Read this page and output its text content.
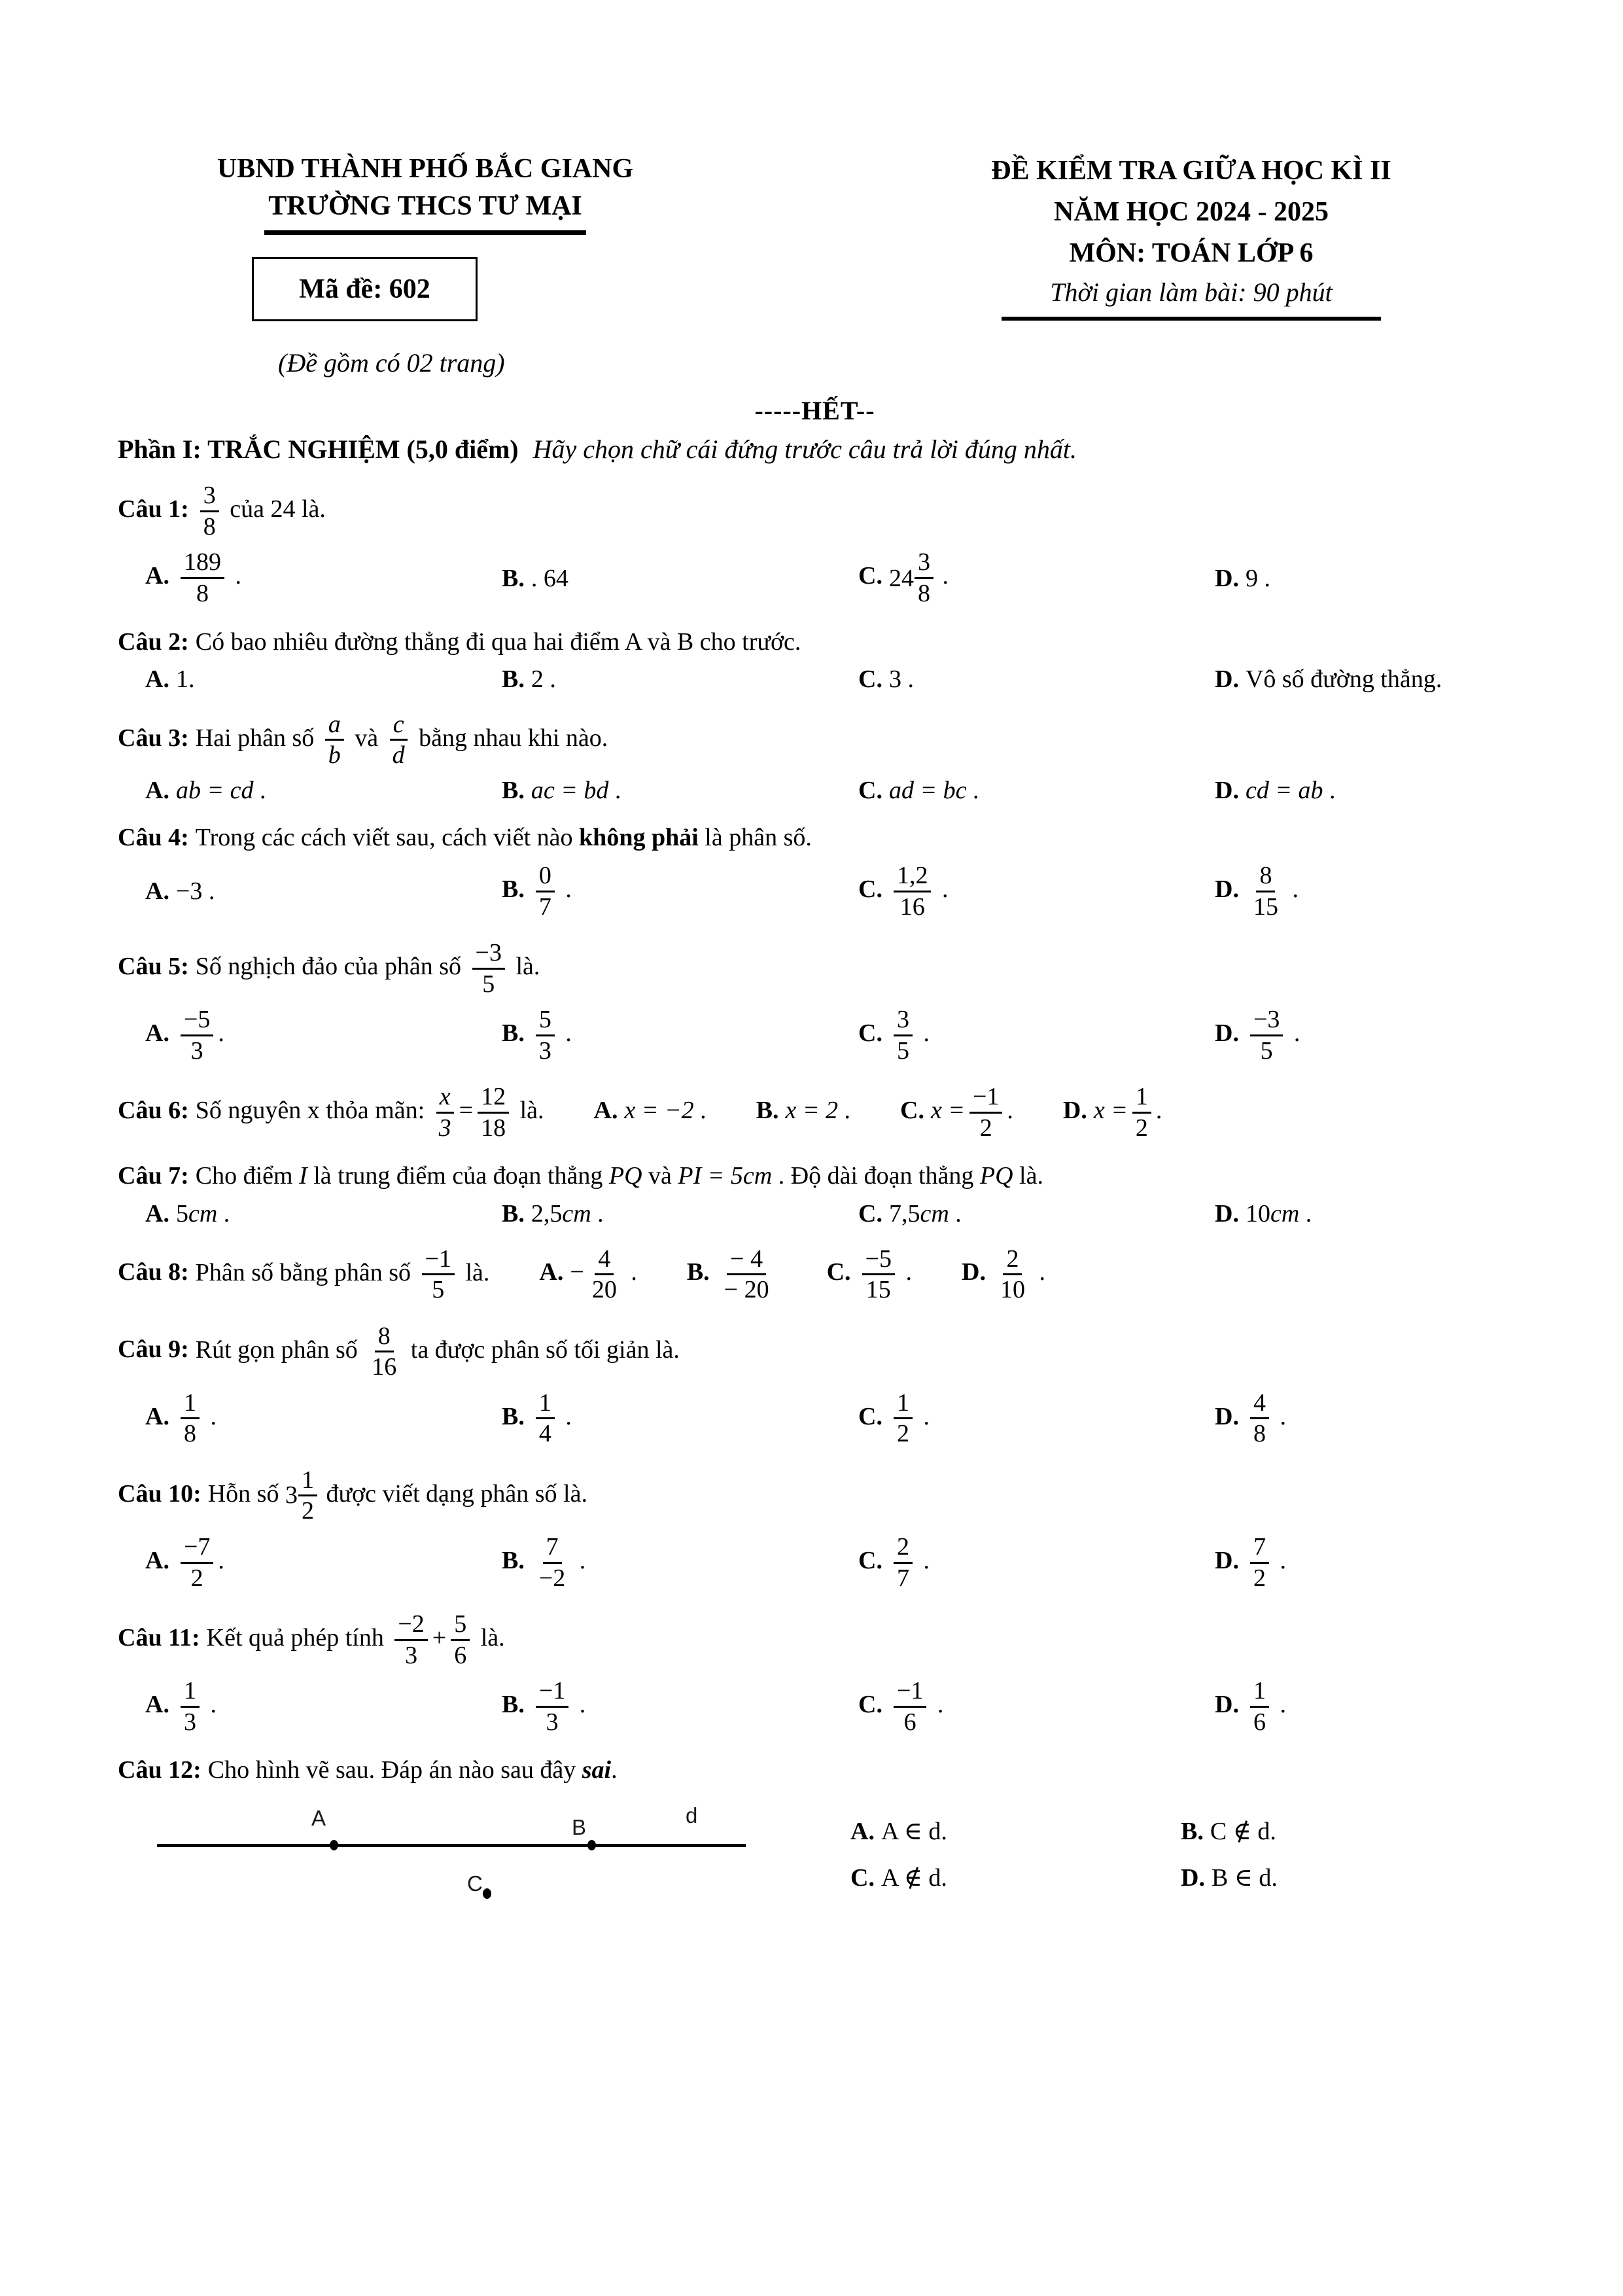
UBND THÀNH PHỐ BẮC GIANG
TRƯỜNG THCS TƯ MẠI
Mã đề: 602
(Đề gồm có 02 trang)
ĐỀ KIỂM TRA GIỮA HỌC KÌ II
NĂM HỌC 2024 - 2025
MÔN: TOÁN LỚP 6
Thời gian làm bài: 90 phút
-----HẾT--
Phần I: TRẮC NGHIỆM (5,0 điểm) Hãy chọn chữ cái đứng trước câu trả lời đúng nhất.
Câu 1: $\frac{3}{8}$ của 24 là.
A. $\frac{189}{8}$ .	B. . 64	C. $24 \frac{3}{8}$ .	D. 9 .
Câu 2: Có bao nhiêu đường thẳng đi qua hai điểm A và B cho trước.
A. 1.	B. 2 .	C. 3 .	D. Vô số đường thẳng.
Câu 3: Hai phân số $\frac{a}{b}$ và $\frac{c}{d}$ bằng nhau khi nào.
A. ab = cd .	B. ac = bd .	C. ad = bc .	D. cd = ab .
Câu 4: Trong các cách viết sau, cách viết nào không phải là phân số.
A. −3 .	B. $\frac{0}{7}$ .	C. $\frac{1,2}{16}$ .	D. $\frac{8}{15}$ .
Câu 5: Số nghịch đảo của phân số $\frac{-3}{5}$ là.
A. $\frac{-5}{3}$ .	B. $\frac{5}{3}$ .	C. $\frac{3}{5}$ .	D. $\frac{-3}{5}$ .
Câu 6: Số nguyên x thỏa mãn: $\frac{x}{3} = \frac{12}{18}$ là. A. x = −2 . B. x = 2 . C. $x = \frac{-1}{2}$ . D. $x = \frac{1}{2}$ .
Câu 7: Cho điểm I là trung điểm của đoạn thẳng PQ và PI = 5cm . Độ dài đoạn thẳng PQ là.
A. 5cm .	B. 2,5cm .	C. 7,5cm .	D. 10cm .
Câu 8: Phân số bằng phân số $\frac{-1}{5}$ là. A. − $\frac{4}{20}$ . B. $\frac{- 4}{- 20} C$. $\frac{-5}{15}$ . D. $\frac{2}{10}$ .
Câu 9: Rút gọn phân số $\frac{8}{16}$ ta được phân số tối giản là.
A. $\frac{1}{8}$ .	B. $\frac{1}{4}$ .	C. $\frac{1}{2}$ .	D. $\frac{4}{8}$ .
Câu 10: Hỗn số $3 \frac{1}{2}$ được viết dạng phân số là.
A. $\frac{-7}{2}$ .	B. $\frac{7}{-2}$ .	C. $\frac{2}{7}$ .	D. $\frac{7}{2}$ .
Câu 11: Kết quả phép tính $\frac{-2}{3} + \frac{5}{6}$ là.
A. $\frac{1}{3}$ .	B. $\frac{-1}{3}$ .	C. $\frac{-1}{6}$ .	D. $\frac{1}{6}$ .
Câu 12: Cho hình vẽ sau. Đáp án nào sau đây sai.
A	B	d
C
A. A ∈ d.	B. C ∉ d.
C. A ∉ d.	D. B ∈ d.
